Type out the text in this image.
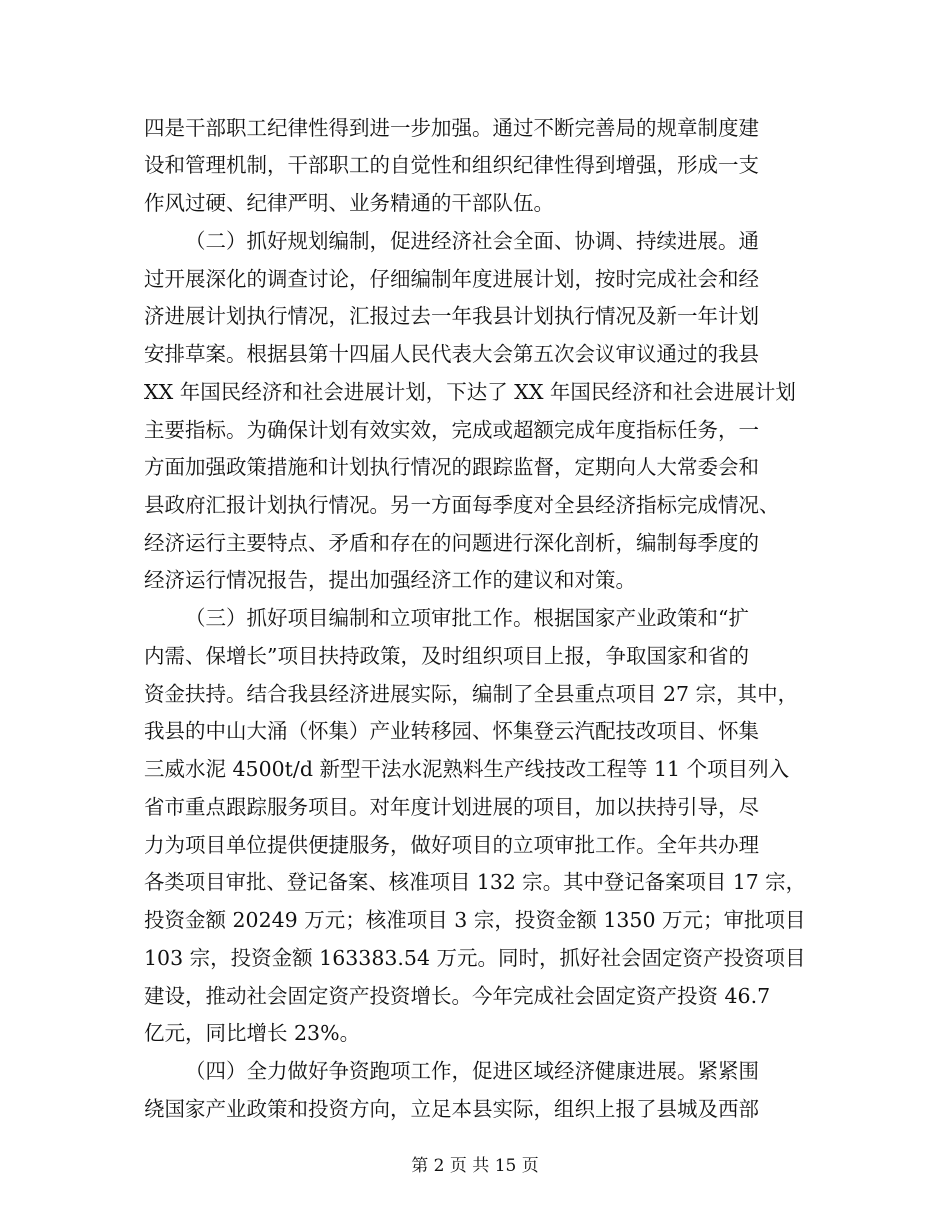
四是干部职工纪律性得到进一步加强。通过不断完善局的规章制度建
设和管理机制，干部职工的自觉性和组织纪律性得到增强，形成一支
作风过硬、纪律严明、业务精通的干部队伍。
（二）抓好规划编制，促进经济社会全面、协调、持续进展。通
过开展深化的调查讨论，仔细编制年度进展计划，按时完成社会和经
济进展计划执行情况，汇报过去一年我县计划执行情况及新一年计划
安排草案。根据县第十四届人民代表大会第五次会议审议通过的我县
XX 年国民经济和社会进展计划，下达了 XX 年国民经济和社会进展计划
主要指标。为确保计划有效实效，完成或超额完成年度指标任务，一
方面加强政策措施和计划执行情况的跟踪监督，定期向人大常委会和
县政府汇报计划执行情况。另一方面每季度对全县经济指标完成情况、
经济运行主要特点、矛盾和存在的问题进行深化剖析，编制每季度的
经济运行情况报告，提出加强经济工作的建议和对策。
（三）抓好项目编制和立项审批工作。根据国家产业政策和“扩
内需、保增长”项目扶持政策，及时组织项目上报，争取国家和省的
资金扶持。结合我县经济进展实际，编制了全县重点项目 27 宗，其中，
我县的中山大涌（怀集）产业转移园、怀集登云汽配技改项目、怀集
三威水泥 4500t/d 新型干法水泥熟料生产线技改工程等 11 个项目列入
省市重点跟踪服务项目。对年度计划进展的项目，加以扶持引导，尽
力为项目单位提供便捷服务，做好项目的立项审批工作。全年共办理
各类项目审批、登记备案、核准项目 132 宗。其中登记备案项目 17 宗，
投资金额 20249 万元；核准项目 3 宗，投资金额 1350 万元；审批项目
103 宗，投资金额 163383.54 万元。同时，抓好社会固定资产投资项目
建设，推动社会固定资产投资增长。今年完成社会固定资产投资 46.7
亿元，同比增长 23%。
（四）全力做好争资跑项工作，促进区域经济健康进展。紧紧围
绕国家产业政策和投资方向，立足本县实际，组织上报了县城及西部
第 2 页 共 15 页
